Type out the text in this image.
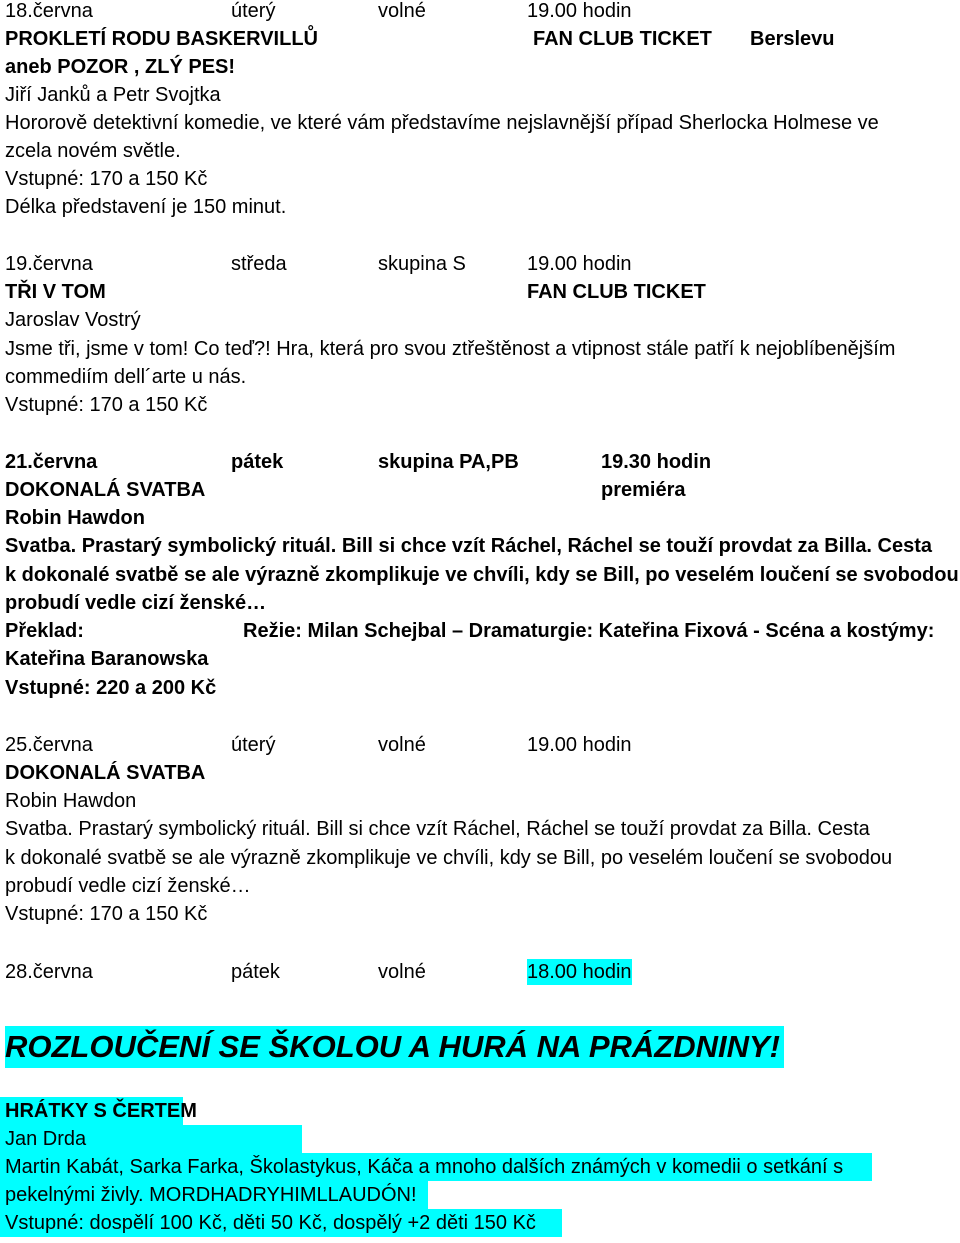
18.června	úterý	volné	19.00 hodin
PROKLETÍ RODU BASKERVILLŮ	FAN CLUB TICKET Berslevu
aneb POZOR , ZLÝ PES!
Jiří Janků a Petr Svojtka
Hororově detektivní komedie, ve které vám představíme nejslavnější případ Sherlocka Holmese ve
zcela novém světle.
Vstupné: 170 a 150 Kč
Délka představení je 150 minut.
19.června	středa	skupina S	19.00 hodin
TŘI V TOM	FAN CLUB TICKET
Jaroslav Vostrý
Jsme tři, jsme v tom! Co teď?! Hra, která pro svou ztřeštěnost a vtipnost stále patří k nejoblíbenějším
commediím dell´arte u nás.
Vstupné: 170 a 150 Kč
21.června	pátek	skupina PA,PB	19.30 hodin
DOKONALÁ SVATBA	premiéra
Robin Hawdon
Svatba. Prastarý symbolický rituál. Bill si chce vzít Ráchel, Ráchel se touží provdat za Billa. Cesta
k dokonalé svatbě se ale výrazně zkomplikuje ve chvíli, kdy se Bill, po veselém loučení se svobodou
probudí vedle cizí ženské…
Překlad:	Režie: Milan Schejbal – Dramaturgie: Kateřina Fixová - Scéna a kostýmy:
Kateřina Baranowska
Vstupné: 220 a 200 Kč
25.června	úterý	volné	19.00 hodin
DOKONALÁ SVATBA
Robin Hawdon
Svatba. Prastarý symbolický rituál. Bill si chce vzít Ráchel, Ráchel se touží provdat za Billa. Cesta
k dokonalé svatbě se ale výrazně zkomplikuje ve chvíli, kdy se Bill, po veselém loučení se svobodou
probudí vedle cizí ženské…
Vstupné: 170 a 150 Kč
28.června	pátek	volné	18.00 hodin
ROZLOUČENÍ SE ŠKOLOU A HURÁ NA PRÁZDNINY!
HRÁTKY S ČERTEM
Jan Drda
Martin Kabát, Sarka Farka, Školastykus, Káča a mnoho dalších známých v komedii o setkání s
pekelnými živly. MORDHADRYHIMLLAUDÓN!
Vstupné: dospělí 100 Kč, děti 50 Kč, dospělý +2 děti 150 Kč
